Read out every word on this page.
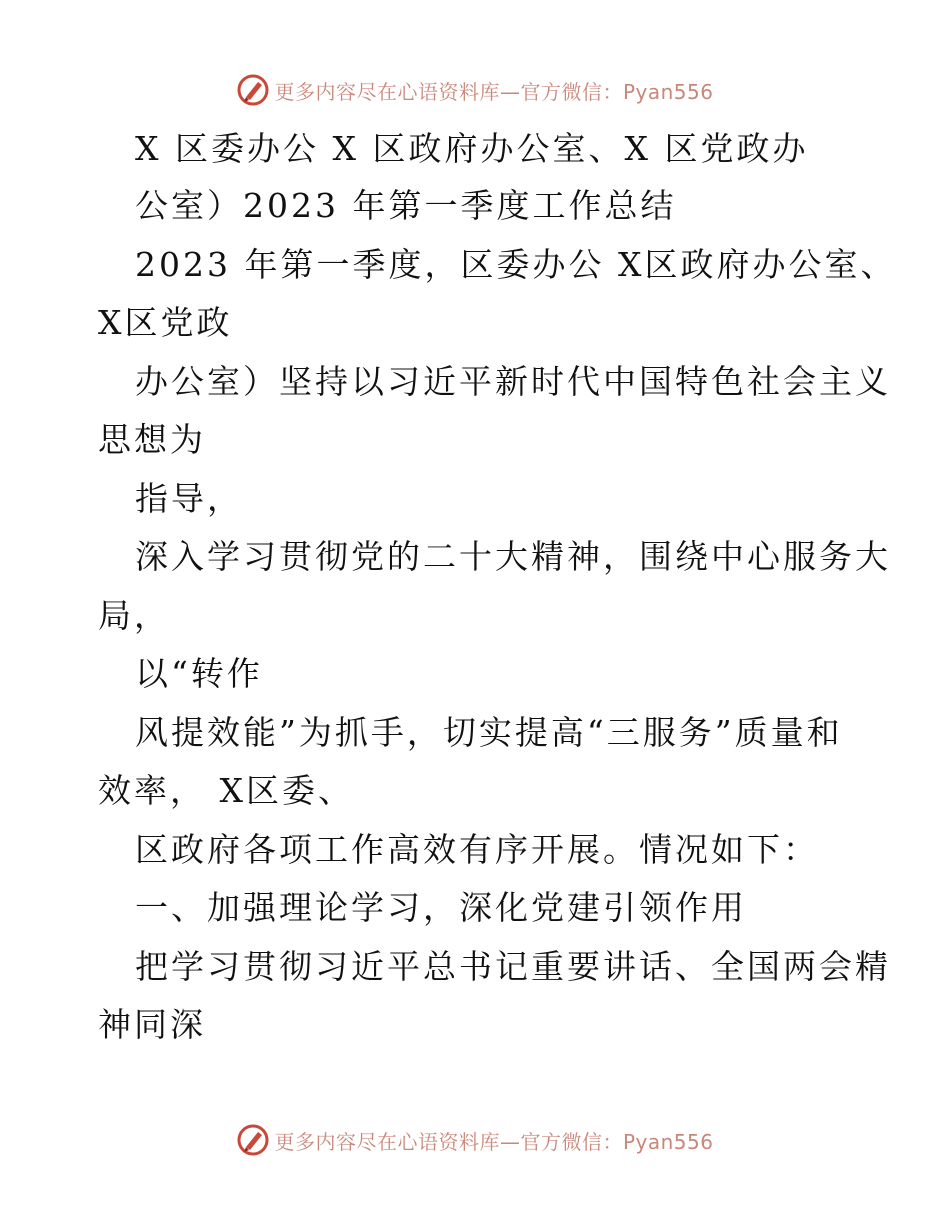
更多内容尽在心语资料库—官方微信：Pyan556
X 区委办公 X 区政府办公室、X 区党政办
公室）2023 年第一季度工作总结
2023 年第一季度，区委办公 X区政府办公室、
X区党政
办公室）坚持以习近平新时代中国特色社会主义
思想为
指导，
深入学习贯彻党的二十大精神，围绕中心服务大
局，
以“转作
风提效能”为抓手，切实提高“三服务”质量和
效率， X区委、
区政府各项工作高效有序开展。情况如下：
一、加强理论学习，深化党建引领作用
把学习贯彻习近平总书记重要讲话、全国两会精
神同深
更多内容尽在心语资料库—官方微信：Pyan556
